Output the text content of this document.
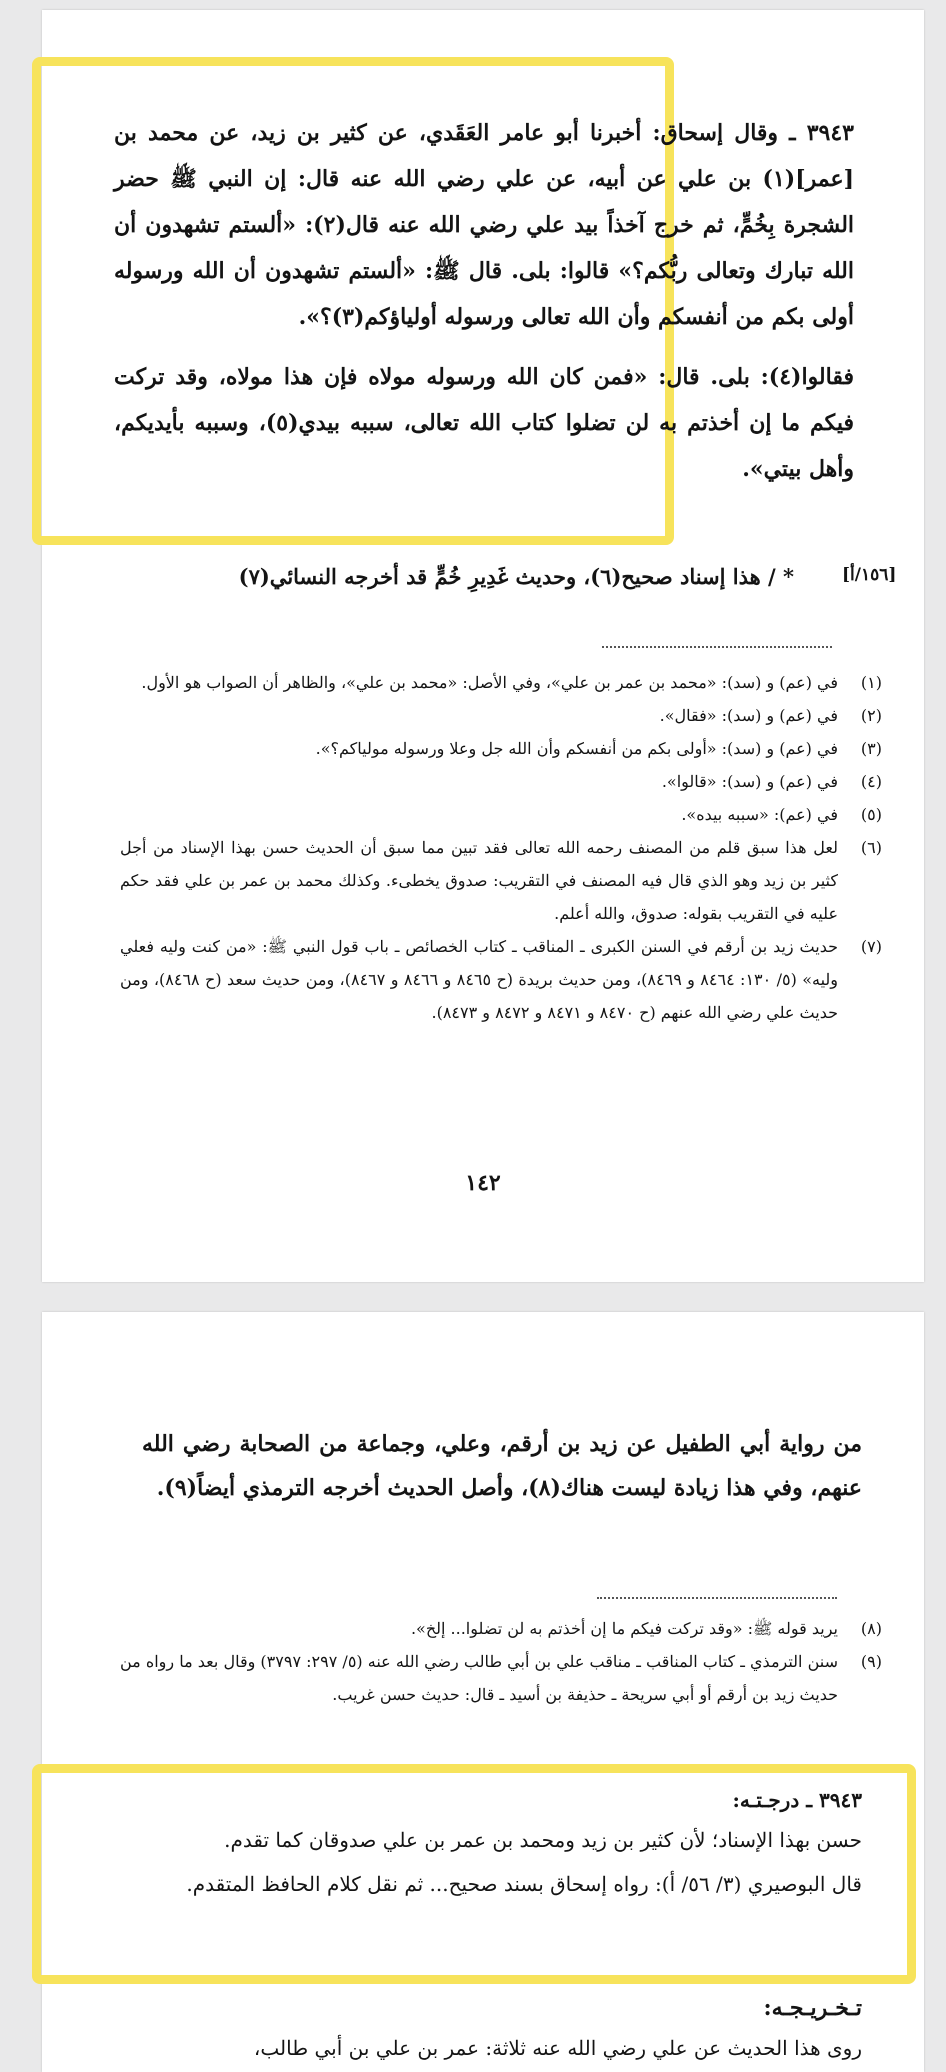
٣٩٤٣ ـ وقال إسحاق: أخبرنا أبو عامر العَقَدي، عن كثير بن زيد، عن محمد بن [عمر](١) بن علي عن أبيه، عن علي رضي الله عنه قال: إن النبي ﷺ حضر الشجرة بِخُمٍّ، ثم خرج آخذاً بيد علي رضي الله عنه قال(٢): «ألستم تشهدون أن الله تبارك وتعالى ربُّكم؟» قالوا: بلى. قال ﷺ: «ألستم تشهدون أن الله ورسوله أولى بكم من أنفسكم وأن الله تعالى ورسوله أولياؤكم(٣)؟».

فقالوا(٤): بلى. قال: «فمن كان الله ورسوله مولاه فإن هذا مولاه، وقد تركت فيكم ما إن أخذتم به لن تضلوا كتاب الله تعالى، سببه بيدي(٥)، وسببه بأيديكم، وأهل بيتي».

* / هذا إسناد صحيح(٦)، وحديث غَدِيرِ خُمٍّ قد أخرجه النسائي(٧)	[١٥٦/أ]
(١)
في (عم) و (سد): «محمد بن عمر بن علي»، وفي الأصل: «محمد بن علي»، والظاهر أن الصواب هو الأول.
(٢)
في (عم) و (سد): «فقال».
(٣)
في (عم) و (سد): «أولى بكم من أنفسكم وأن الله جل وعلا ورسوله مولياكم؟».
(٤)
في (عم) و (سد): «قالوا».
(٥)
في (عم): «سببه بيده».
(٦)
لعل هذا سبق قلم من المصنف رحمه الله تعالى فقد تبين مما سبق أن الحديث حسن بهذا الإسناد من أجل كثير بن زيد وهو الذي قال فيه المصنف في التقريب: صدوق يخطىء. وكذلك محمد بن عمر بن علي فقد حكم عليه في التقريب بقوله: صدوق، والله أعلم.
(٧)
حديث زيد بن أرقم في السنن الكبرى ـ المناقب ـ كتاب الخصائص ـ باب قول النبي ﷺ: «من كنت وليه فعلي وليه» (٥/ ١٣٠: ٨٤٦٤ و ٨٤٦٩)، ومن حديث بريدة (ح ٨٤٦٥ و ٨٤٦٦ و ٨٤٦٧)، ومن حديث سعد (ح ٨٤٦٨)، ومن حديث علي رضي الله عنهم (ح ٨٤٧٠ و ٨٤٧١ و ٨٤٧٢ و ٨٤٧٣).
١٤٢
من رواية أبي الطفيل عن زيد بن أرقم، وعلي، وجماعة من الصحابة رضي الله عنهم، وفي هذا زيادة ليست هناك(٨)، وأصل الحديث أخرجه الترمذي أيضاً(٩).
(٨)
يريد قوله ﷺ: «وقد تركت فيكم ما إن أخذتم به لن تضلوا... إلخ».
(٩)
سنن الترمذي ـ كتاب المناقب ـ مناقب علي بن أبي طالب رضي الله عنه (٥/ ٢٩٧: ٣٧٩٧) وقال بعد ما رواه من حديث زيد بن أرقم أو أبي سريحة ـ حذيفة بن أسيد ـ قال: حديث حسن غريب.
٣٩٤٣ ـ درجـتـه:
حسن بهذا الإسناد؛ لأن كثير بن زيد ومحمد بن عمر بن علي صدوقان كما تقدم.
قال البوصيري (٣/ ٥٦/ أ): رواه إسحاق بسند صحيح... ثم نقل كلام الحافظ المتقدم.
تـخـريـجـه:
روى هذا الحديث عن علي رضي الله عنه ثلاثة: عمر بن علي بن أبي طالب،
